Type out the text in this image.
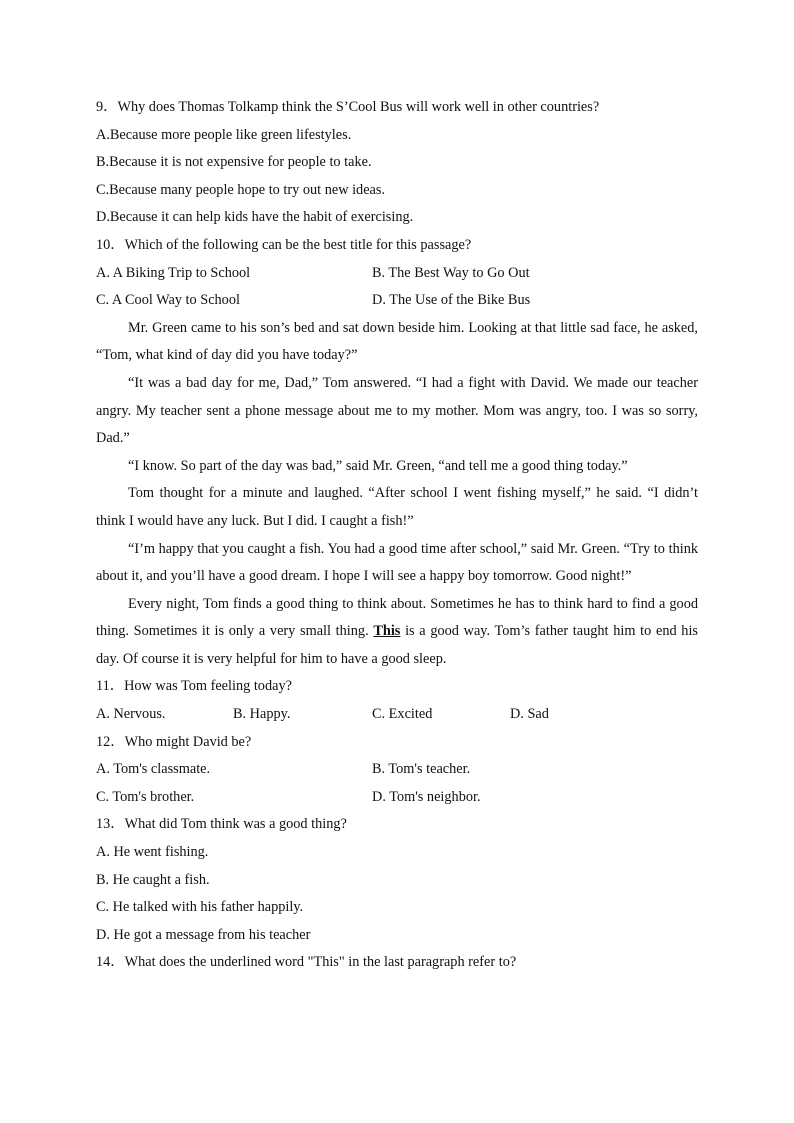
9．Why does Thomas Tolkamp think the S’Cool Bus will work well in other countries?
A.Because more people like green lifestyles.
B.Because it is not expensive for people to take.
C.Because many people hope to try out new ideas.
D.Because it can help kids have the habit of exercising.
10．Which of the following can be the best title for this passage?
A. A Biking Trip to School	B. The Best Way to Go Out
C. A Cool Way to School	D. The Use of the Bike Bus

Mr. Green came to his son’s bed and sat down beside him. Looking at that little sad face, he asked, “Tom, what kind of day did you have today?”

“It was a bad day for me, Dad,” Tom answered. “I had a fight with David. We made our teacher angry. My teacher sent a phone message about me to my mother. Mom was angry, too. I was so sorry, Dad.”

“I know. So part of the day was bad,” said Mr. Green, “and tell me a good thing today.”

Tom thought for a minute and laughed. “After school I went fishing myself,” he said. “I didn’t think I would have any luck. But I did. I caught a fish!”

“I’m happy that you caught a fish. You had a good time after school,” said Mr. Green. “Try to think about it, and you’ll have a good dream. I hope I will see a happy boy tomorrow. Good night!”

Every night, Tom finds a good thing to think about. Sometimes he has to think hard to find a good thing. Sometimes it is only a very small thing. This is a good way. Tom’s father taught him to end his day. Of course it is very helpful for him to have a good sleep.

11．How was Tom feeling today?
A. Nervous.	B. Happy.	C. Excited	D. Sad
12．Who might David be?
A. Tom's classmate.	B. Tom's teacher.
C. Tom's brother.	D. Tom's neighbor.
13．What did Tom think was a good thing?
A. He went fishing.
B. He caught a fish.
C. He talked with his father happily.
D. He got a message from his teacher
14．What does the underlined word "This" in the last paragraph refer to?
